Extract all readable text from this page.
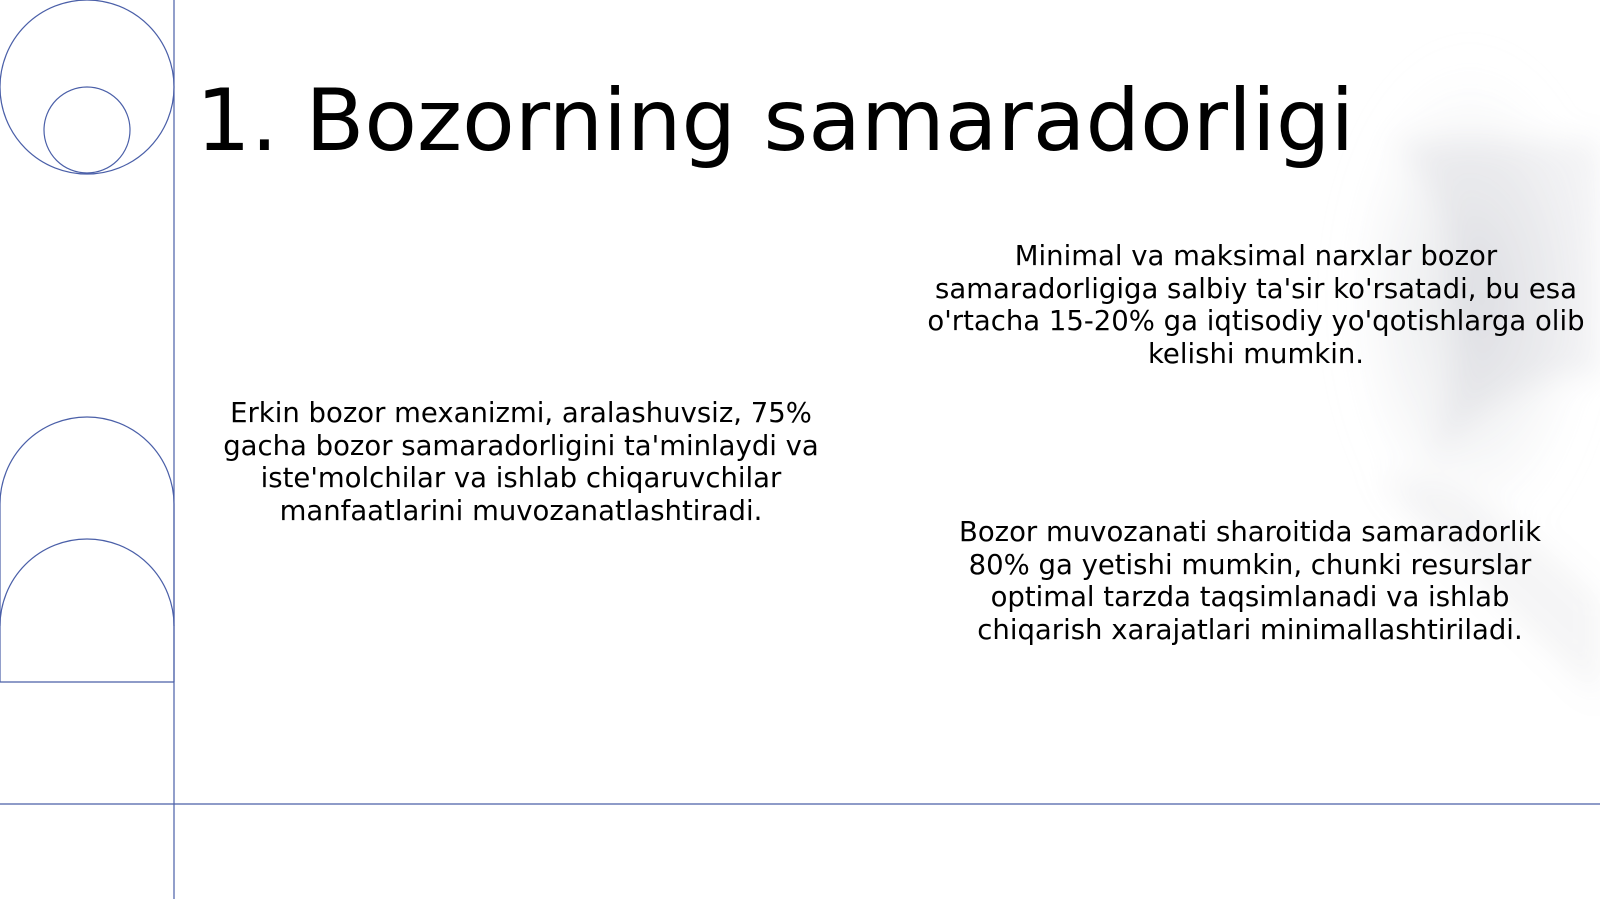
1. Bozorning samaradorligi
Erkin bozor mexanizmi, aralashuvsiz, 75% gacha bozor samaradorligini ta'minlaydi va iste'molchilar va ishlab chiqaruvchilar manfaatlarini muvozanatlashtiradi.
Minimal va maksimal narxlar bozor samaradorligiga salbiy ta'sir ko'rsatadi, bu esa o'rtacha 15-20% ga iqtisodiy yo'qotishlarga olib kelishi mumkin.
Bozor muvozanati sharoitida samaradorlik 80% ga yetishi mumkin, chunki resurslar optimal tarzda taqsimlanadi va ishlab chiqarish xarajatlari minimallashtiriladi.
